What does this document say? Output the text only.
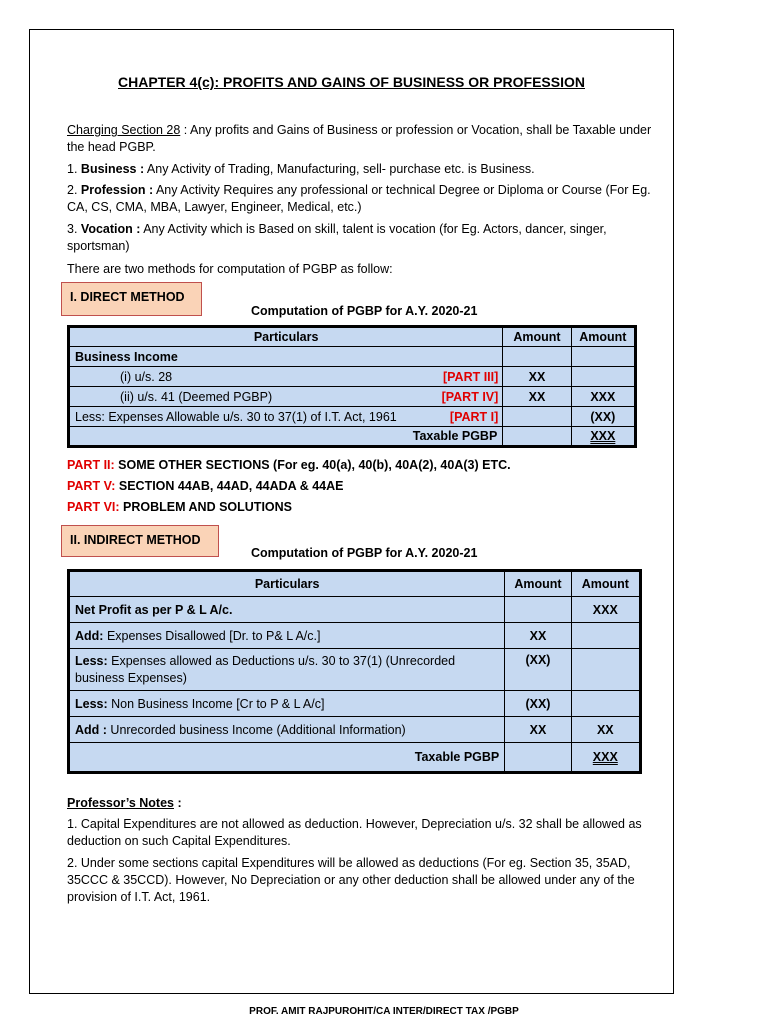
CHAPTER 4(c): PROFITS AND GAINS OF BUSINESS OR PROFESSION
Charging Section 28 : Any profits and Gains of Business or profession or Vocation, shall be Taxable under the head PGBP.
1. Business : Any Activity of Trading, Manufacturing, sell- purchase etc. is Business.
2. Profession : Any Activity Requires any professional or technical Degree or Diploma or Course (For Eg. CA, CS, CMA, MBA, Lawyer, Engineer, Medical, etc.)
3. Vocation : Any Activity which is Based on skill, talent is vocation (for Eg. Actors, dancer, singer, sportsman)
There are two methods for computation of PGBP as follow:
I. DIRECT METHOD
Computation of PGBP for A.Y. 2020-21
Particulars	Amount	Amount
Business Income		
(i) u/s. 28 [PART III]	XX	
(ii) u/s. 41 (Deemed PGBP) [PART IV]	XX	XXX
Less: Expenses Allowable u/s. 30 to 37(1) of I.T. Act, 1961 [PART I]		(XX)
Taxable PGBP		XXX
PART II: SOME OTHER SECTIONS (For eg. 40(a), 40(b), 40A(2), 40A(3) ETC.
PART V: SECTION 44AB, 44AD, 44ADA & 44AE
PART VI: PROBLEM AND SOLUTIONS
II. INDIRECT METHOD
Computation of PGBP for A.Y. 2020-21
Particulars	Amount	Amount
Net Profit as per P & L A/c.		XXX
Add: Expenses Disallowed [Dr. to P& L A/c.]	XX	
Less: Expenses allowed as Deductions u/s. 30 to 37(1) (Unrecorded business Expenses)	(XX)	
Less: Non Business Income [Cr to P & L A/c]	(XX)	
Add : Unrecorded business Income (Additional Information)	XX	XX
Taxable PGBP		XXX
Professor’s Notes :
1. Capital Expenditures are not allowed as deduction. However, Depreciation u/s. 32 shall be allowed as deduction on such Capital Expenditures.
2. Under some sections capital Expenditures will be allowed as deductions (For eg. Section 35, 35AD, 35CCC & 35CCD). However, No Depreciation or any other deduction shall be allowed under any of the provision of I.T. Act, 1961.
PROF. AMIT RAJPUROHIT/CA INTER/DIRECT TAX /PGBP
